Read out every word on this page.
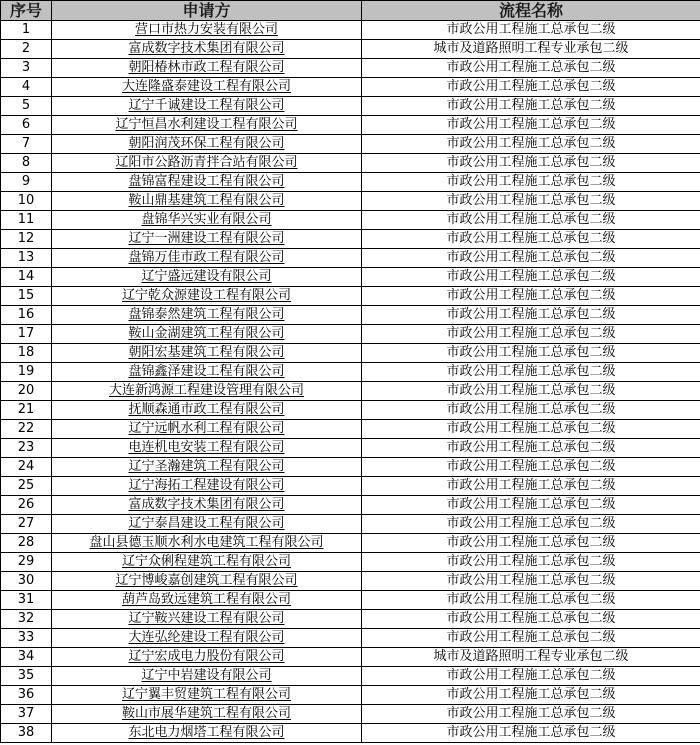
序号	申请方	流程名称
1	营口市热力安装有限公司	市政公用工程施工总承包二级
2	富成数字技术集团有限公司	城市及道路照明工程专业承包二级
3	朝阳椿林市政工程有限公司	市政公用工程施工总承包二级
4	大连隆盛泰建设工程有限公司	市政公用工程施工总承包二级
5	辽宁千诚建设工程有限公司	市政公用工程施工总承包二级
6	辽宁恒昌水利建设工程有限公司	市政公用工程施工总承包二级
7	朝阳润茂环保工程有限公司	市政公用工程施工总承包二级
8	辽阳市公路沥青拌合站有限公司	市政公用工程施工总承包二级
9	盘锦富程建设工程有限公司	市政公用工程施工总承包二级
10	鞍山鼎基建筑工程有限公司	市政公用工程施工总承包二级
11	盘锦华兴实业有限公司	市政公用工程施工总承包二级
12	辽宁一洲建设工程有限公司	市政公用工程施工总承包二级
13	盘锦万佳市政工程有限公司	市政公用工程施工总承包二级
14	辽宁盛远建设有限公司	市政公用工程施工总承包二级
15	辽宁乾众源建设工程有限公司	市政公用工程施工总承包二级
16	盘锦泰然建筑工程有限公司	市政公用工程施工总承包二级
17	鞍山金湖建筑工程有限公司	市政公用工程施工总承包二级
18	朝阳宏基建筑工程有限公司	市政公用工程施工总承包二级
19	盘锦鑫泽建设工程有限公司	市政公用工程施工总承包二级
20	大连新鸿源工程建设管理有限公司	市政公用工程施工总承包二级
21	抚顺森通市政工程有限公司	市政公用工程施工总承包二级
22	辽宁远帆水利工程有限公司	市政公用工程施工总承包二级
23	电连机电安装工程有限公司	市政公用工程施工总承包二级
24	辽宁圣瀚建筑工程有限公司	市政公用工程施工总承包二级
25	辽宁海拓工程建设有限公司	市政公用工程施工总承包二级
26	富成数字技术集团有限公司	市政公用工程施工总承包二级
27	辽宁泰昌建设工程有限公司	市政公用工程施工总承包二级
28	盘山县德玉顺水利水电建筑工程有限公司	市政公用工程施工总承包二级
29	辽宁众俐程建筑工程有限公司	市政公用工程施工总承包二级
30	辽宁博峻嘉创建筑工程有限公司	市政公用工程施工总承包二级
31	葫芦岛致远建筑工程有限公司	市政公用工程施工总承包二级
32	辽宁鞍兴建设工程有限公司	市政公用工程施工总承包二级
33	大连弘纶建设工程有限公司	市政公用工程施工总承包二级
34	辽宁宏成电力股份有限公司	城市及道路照明工程专业承包二级
35	辽宁中岩建设有限公司	市政公用工程施工总承包二级
36	辽宁翼丰贸建筑工程有限公司	市政公用工程施工总承包二级
37	鞍山市展华建筑工程有限公司	市政公用工程施工总承包二级
38	东北电力烟塔工程有限公司	市政公用工程施工总承包二级
